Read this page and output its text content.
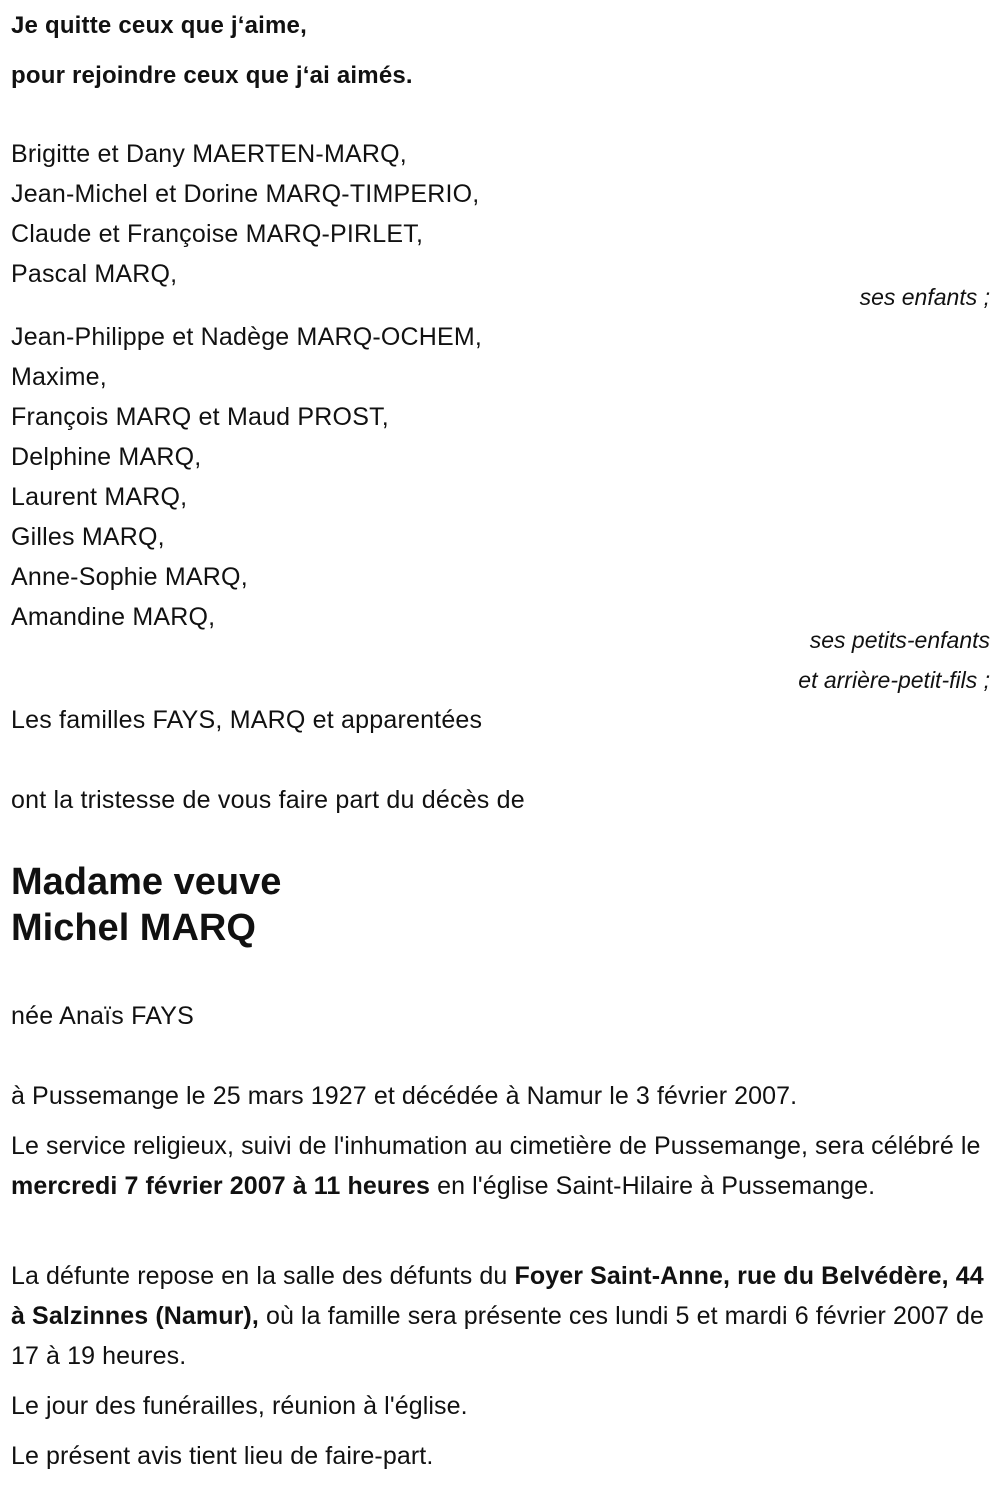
Je quitte ceux que j‘aime,
pour rejoindre ceux que j‘ai aimés.
Brigitte et Dany MAERTEN-MARQ,
Jean-Michel et Dorine MARQ-TIMPERIO,
Claude et Françoise MARQ-PIRLET,
Pascal MARQ,
ses enfants ;
Jean-Philippe et Nadège MARQ-OCHEM,
Maxime,
François MARQ et Maud PROST,
Delphine MARQ,
Laurent MARQ,
Gilles MARQ,
Anne-Sophie MARQ,
Amandine MARQ,
ses petits-enfants
et arrière-petit-fils ;
Les familles FAYS, MARQ et apparentées
ont la tristesse de vous faire part du décès de
Madame veuve
Michel MARQ
née Anaïs FAYS
à Pussemange le 25 mars 1927 et décédée à Namur le 3 février 2007.
Le service religieux, suivi de l'inhumation au cimetière de Pussemange, sera célébré le mercredi 7 février 2007 à 11 heures en l'église Saint-Hilaire à Pussemange.
La défunte repose en la salle des défunts du Foyer Saint-Anne, rue du Belvédère, 44 à Salzinnes (Namur), où la famille sera présente ces lundi 5 et mardi 6 février 2007 de 17 à 19 heures.
Le jour des funérailles, réunion à l'église.
Le présent avis tient lieu de faire-part.
